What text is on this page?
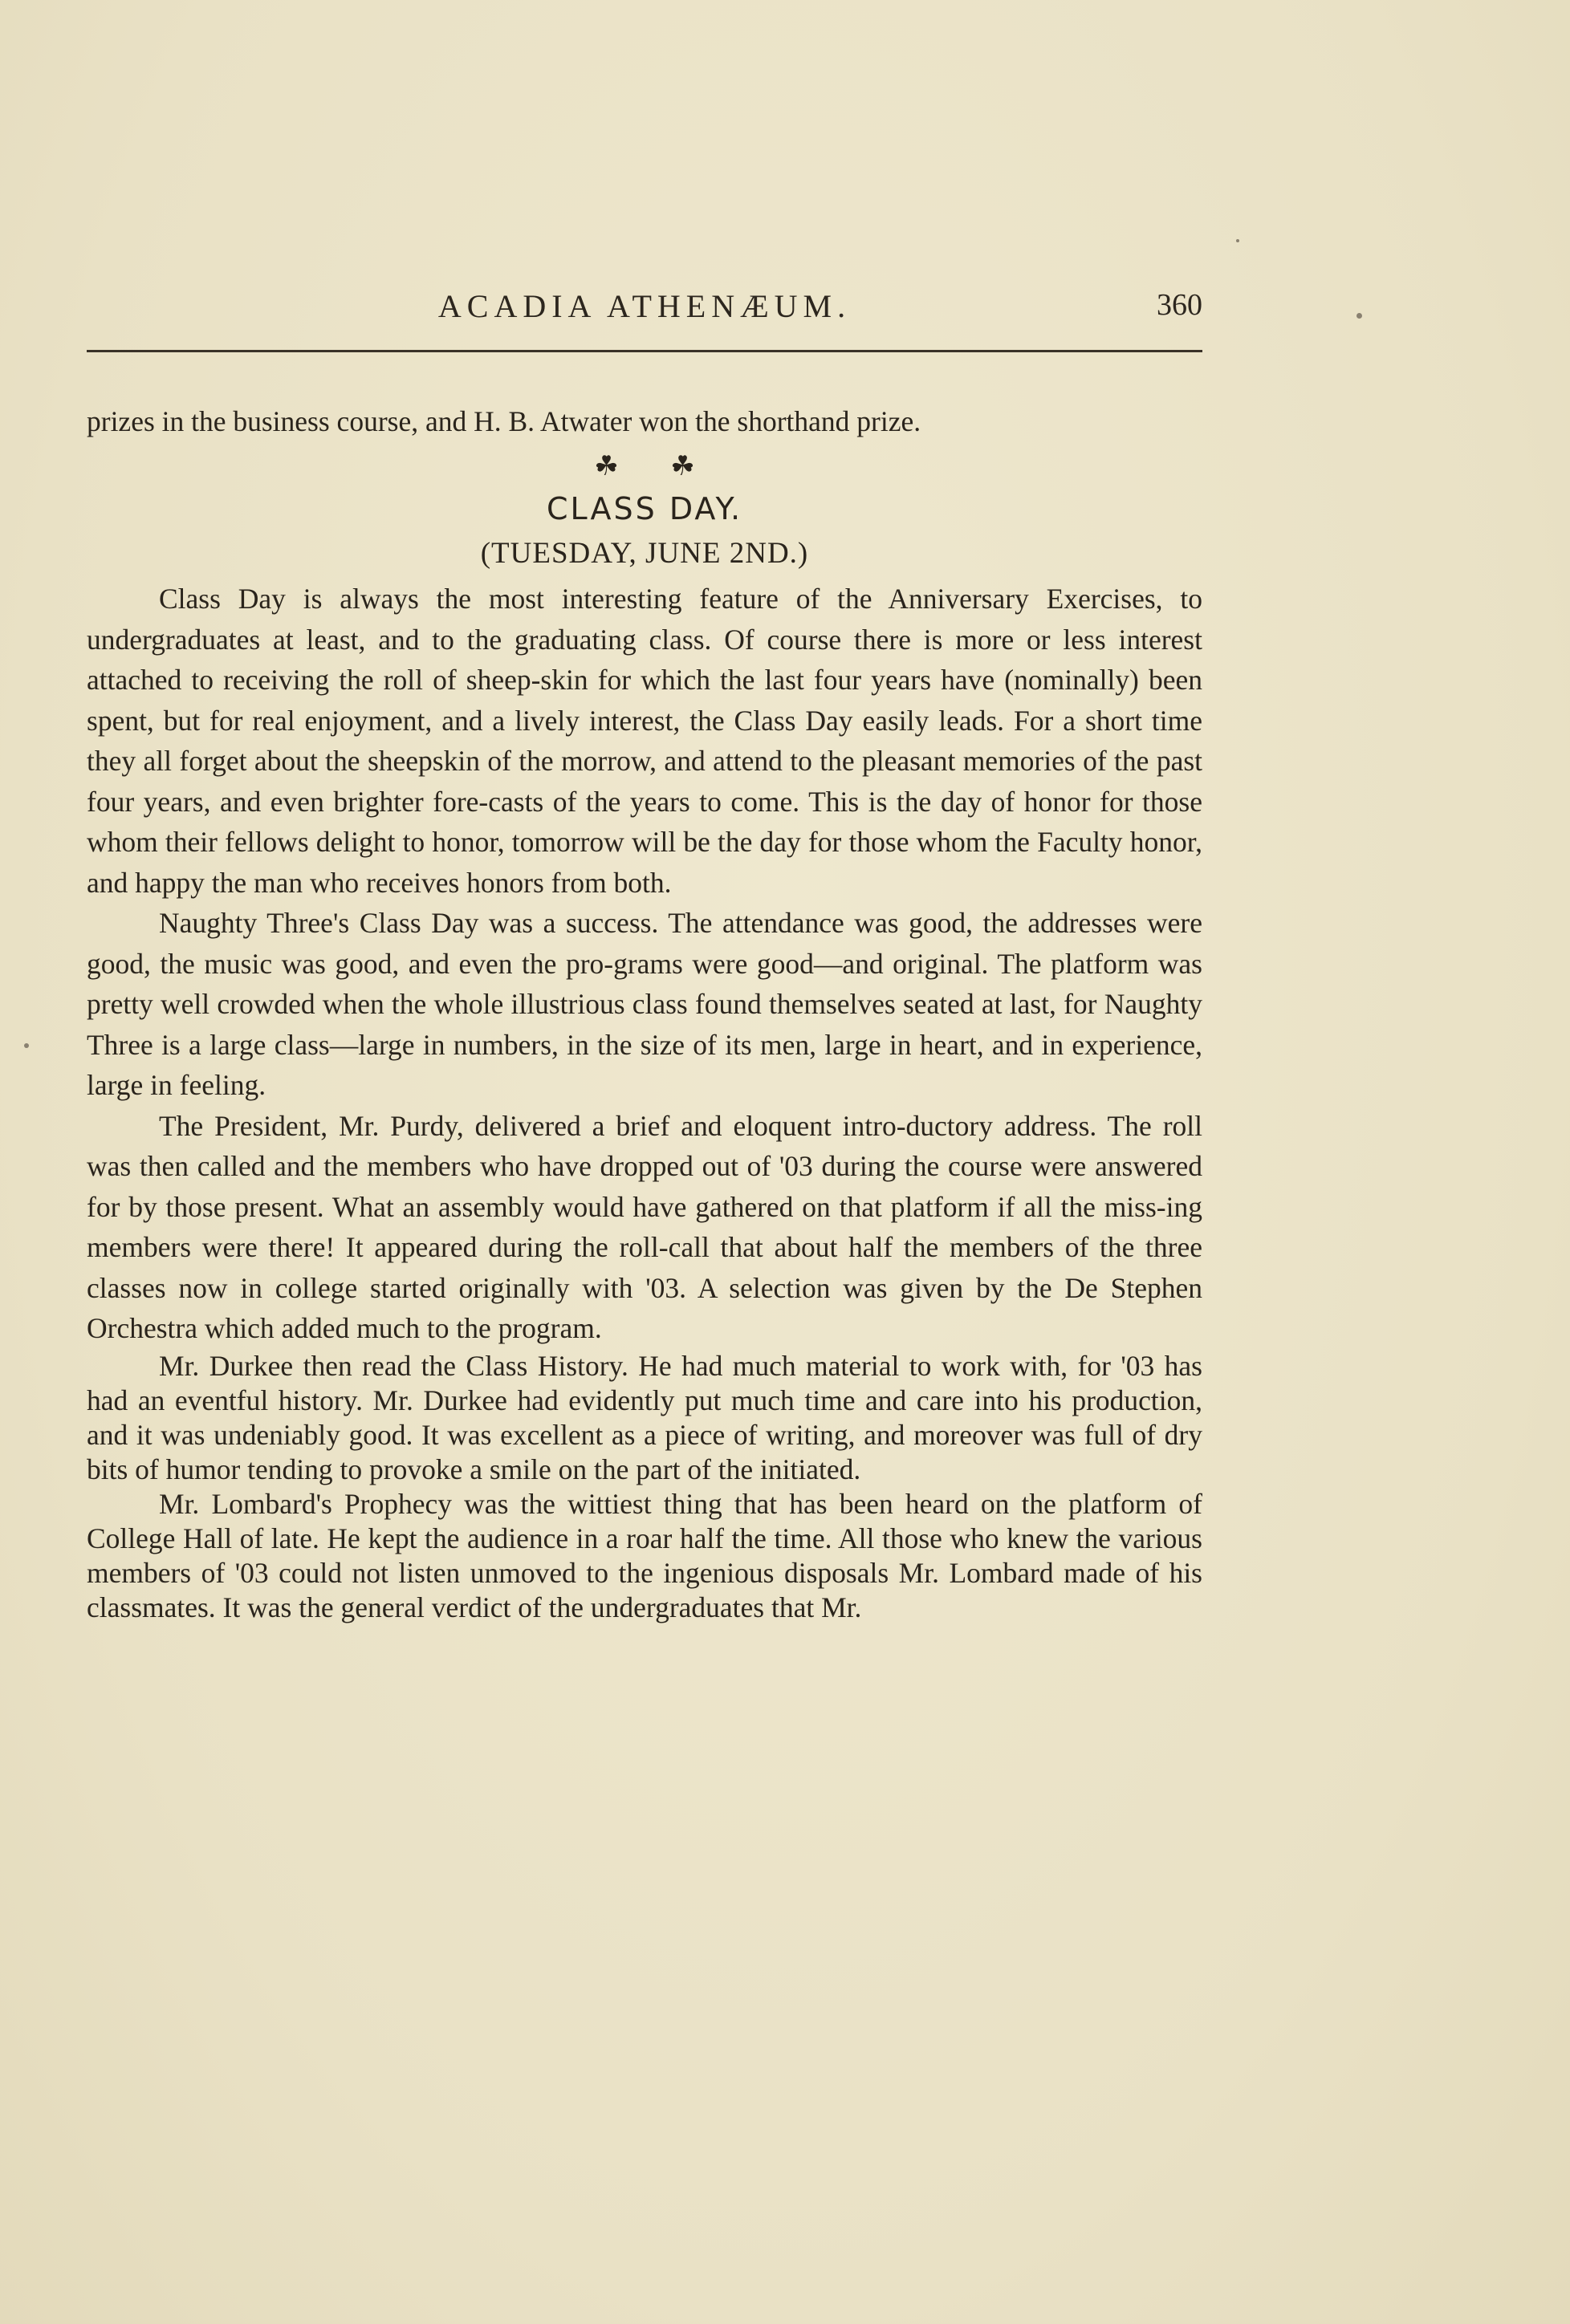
ACADIA ATHENÆUM.	360

prizes in the business course, and H. B. Atwater won the shorthand prize.

☘ ☘
CLASS DAY.
(TUESDAY, JUNE 2ND.)

Class Day is always the most interesting feature of the Anniversary Exercises, to undergraduates at least, and to the graduating class. Of course there is more or less interest attached to receiving the roll of sheep-skin for which the last four years have (nominally) been spent, but for real enjoyment, and a lively interest, the Class Day easily leads. For a short time they all forget about the sheepskin of the morrow, and attend to the pleasant memories of the past four years, and even brighter fore-casts of the years to come. This is the day of honor for those whom their fellows delight to honor, tomorrow will be the day for those whom the Faculty honor, and happy the man who receives honors from both.

Naughty Three's Class Day was a success. The attendance was good, the addresses were good, the music was good, and even the pro-grams were good—and original. The platform was pretty well crowded when the whole illustrious class found themselves seated at last, for Naughty Three is a large class—large in numbers, in the size of its men, large in heart, and in experience, large in feeling.

The President, Mr. Purdy, delivered a brief and eloquent intro-ductory address. The roll was then called and the members who have dropped out of '03 during the course were answered for by those present. What an assembly would have gathered on that platform if all the miss-ing members were there! It appeared during the roll-call that about half the members of the three classes now in college started originally with '03. A selection was given by the De Stephen Orchestra which added much to the program.

Mr. Durkee then read the Class History. He had much material to work with, for '03 has had an eventful history. Mr. Durkee had evidently put much time and care into his production, and it was undeniably good. It was excellent as a piece of writing, and moreover was full of dry bits of humor tending to provoke a smile on the part of the initiated.

Mr. Lombard's Prophecy was the wittiest thing that has been heard on the platform of College Hall of late. He kept the audience in a roar half the time. All those who knew the various members of '03 could not listen unmoved to the ingenious disposals Mr. Lombard made of his classmates. It was the general verdict of the undergraduates that Mr.
